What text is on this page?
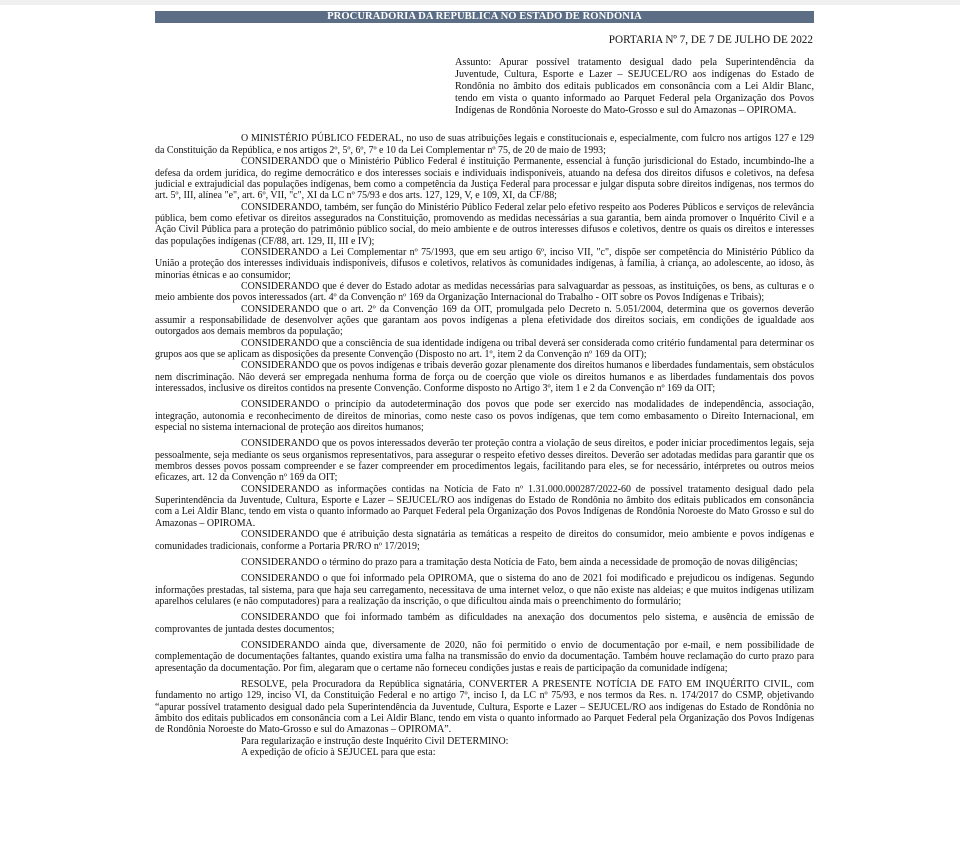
PROCURADORIA DA REPÚBLICA NO ESTADO DE RONDÔNIA
PORTARIA Nº 7, DE 7 DE JULHO DE 2022
Assunto: Apurar possível tratamento desigual dado pela Superintendência da Juventude, Cultura, Esporte e Lazer – SEJUCEL/RO aos indígenas do Estado de Rondônia no âmbito dos editais publicados em consonância com a Lei Aldir Blanc, tendo em vista o quanto informado ao Parquet Federal pela Organização dos Povos Indígenas de Rondônia Noroeste do Mato-Grosso e sul do Amazonas – OPIROMA.

O MINISTÉRIO PÚBLICO FEDERAL, no uso de suas atribuições legais e constitucionais e, especialmente, com fulcro nos artigos 127 e 129 da Constituição da República, e nos artigos 2º, 5º, 6º, 7º e 10 da Lei Complementar nº 75, de 20 de maio de 1993;

CONSIDERANDO que o Ministério Público Federal é instituição Permanente, essencial à função jurisdicional do Estado, incumbindo-lhe a defesa da ordem jurídica, do regime democrático e dos interesses sociais e individuais indisponíveis, atuando na defesa dos direitos difusos e coletivos, na defesa judicial e extrajudicial das populações indígenas, bem como a competência da Justiça Federal para processar e julgar disputa sobre direitos indígenas, nos termos do art. 5º, III, alínea "e", art. 6º, VII, "c", XI da LC nº 75/93 e dos arts. 127, 129, V, e 109, XI, da CF/88;

CONSIDERANDO, também, ser função do Ministério Público Federal zelar pelo efetivo respeito aos Poderes Públicos e serviços de relevância pública, bem como efetivar os direitos assegurados na Constituição, promovendo as medidas necessárias a sua garantia, bem ainda promover o Inquérito Civil e a Ação Civil Pública para a proteção do patrimônio público social, do meio ambiente e de outros interesses difusos e coletivos, dentre os quais os direitos e interesses das populações indígenas (CF/88, art. 129, II, III e IV);

CONSIDERANDO a Lei Complementar nº 75/1993, que em seu artigo 6º, inciso VII, "c", dispõe ser competência do Ministério Público da União a proteção dos interesses individuais indisponíveis, difusos e coletivos, relativos às comunidades indígenas, à família, à criança, ao adolescente, ao idoso, às minorias étnicas e ao consumidor;

CONSIDERANDO que é dever do Estado adotar as medidas necessárias para salvaguardar as pessoas, as instituições, os bens, as culturas e o meio ambiente dos povos interessados (art. 4º da Convenção nº 169 da Organização Internacional do Trabalho - OIT sobre os Povos Indígenas e Tribais);

CONSIDERANDO que o art. 2º da Convenção 169 da OIT, promulgada pelo Decreto n. 5.051/2004, determina que os governos deverão assumir a responsabilidade de desenvolver ações que garantam aos povos indígenas a plena efetividade dos direitos sociais, em condições de igualdade aos outorgados aos demais membros da população;

CONSIDERANDO que a consciência de sua identidade indígena ou tribal deverá ser considerada como critério fundamental para determinar os grupos aos que se aplicam as disposições da presente Convenção (Disposto no art. 1º, item 2 da Convenção nº 169 da OIT);

CONSIDERANDO que os povos indígenas e tribais deverão gozar plenamente dos direitos humanos e liberdades fundamentais, sem obstáculos nem discriminação. Não deverá ser empregada nenhuma forma de força ou de coerção que viole os direitos humanos e as liberdades fundamentais dos povos interessados, inclusive os direitos contidos na presente Convenção. Conforme disposto no Artigo 3º, item 1 e 2 da Convenção nº 169 da OIT;

CONSIDERANDO o princípio da autodeterminação dos povos que pode ser exercido nas modalidades de independência, associação, integração, autonomia e reconhecimento de direitos de minorias, como neste caso os povos indígenas, que tem como embasamento o Direito Internacional, em especial no sistema internacional de proteção aos direitos humanos;

CONSIDERANDO que os povos interessados deverão ter proteção contra a violação de seus direitos, e poder iniciar procedimentos legais, seja pessoalmente, seja mediante os seus organismos representativos, para assegurar o respeito efetivo desses direitos. Deverão ser adotadas medidas para garantir que os membros desses povos possam compreender e se fazer compreender em procedimentos legais, facilitando para eles, se for necessário, intérpretes ou outros meios eficazes, art. 12 da Convenção nº 169 da OIT;

CONSIDERANDO as informações contidas na Notícia de Fato nº 1.31.000.000287/2022-60 de possível tratamento desigual dado pela Superintendência da Juventude, Cultura, Esporte e Lazer – SEJUCEL/RO aos indígenas do Estado de Rondônia no âmbito dos editais publicados em consonância com a Lei Aldir Blanc, tendo em vista o quanto informado ao Parquet Federal pela Organização dos Povos Indígenas de Rondônia Noroeste do Mato Grosso e sul do Amazonas – OPIROMA.

CONSIDERANDO que é atribuição desta signatária as temáticas a respeito de direitos do consumidor, meio ambiente e povos indígenas e comunidades tradicionais, conforme a Portaria PR/RO nº 17/2019;

CONSIDERANDO o término do prazo para a tramitação desta Notícia de Fato, bem ainda a necessidade de promoção de novas diligências;

CONSIDERANDO o que foi informado pela OPIROMA, que o sistema do ano de 2021 foi modificado e prejudicou os indígenas. Segundo informações prestadas, tal sistema, para que haja seu carregamento, necessitava de uma internet veloz, o que não existe nas aldeias; e que muitos indígenas utilizam aparelhos celulares (e não computadores) para a realização da inscrição, o que dificultou ainda mais o preenchimento do formulário;

CONSIDERANDO que foi informado também as dificuldades na anexação dos documentos pelo sistema, e ausência de emissão de comprovantes de juntada destes documentos;

CONSIDERANDO ainda que, diversamente de 2020, não foi permitido o envio de documentação por e-mail, e nem possibilidade de complementação de documentações faltantes, quando existira uma falha na transmissão do envio da documentação. Também houve reclamação do curto prazo para apresentação da documentação. Por fim, alegaram que o certame não forneceu condições justas e reais de participação da comunidade indígena;

RESOLVE, pela Procuradora da República signatária, CONVERTER A PRESENTE NOTÍCIA DE FATO EM INQUÉRITO CIVIL, com fundamento no artigo 129, inciso VI, da Constituição Federal e no artigo 7º, inciso I, da LC nº 75/93, e nos termos da Res. n. 174/2017 do CSMP, objetivando “apurar possível tratamento desigual dado pela Superintendência da Juventude, Cultura, Esporte e Lazer – SEJUCEL/RO aos indígenas do Estado de Rondônia no âmbito dos editais publicados em consonância com a Lei Aldir Blanc, tendo em vista o quanto informado ao Parquet Federal pela Organização dos Povos Indígenas de Rondônia Noroeste do Mato-Grosso e sul do Amazonas – OPIROMA”.

Para regularização e instrução deste Inquérito Civil DETERMINO:

A expedição de ofício à SEJUCEL para que esta:
